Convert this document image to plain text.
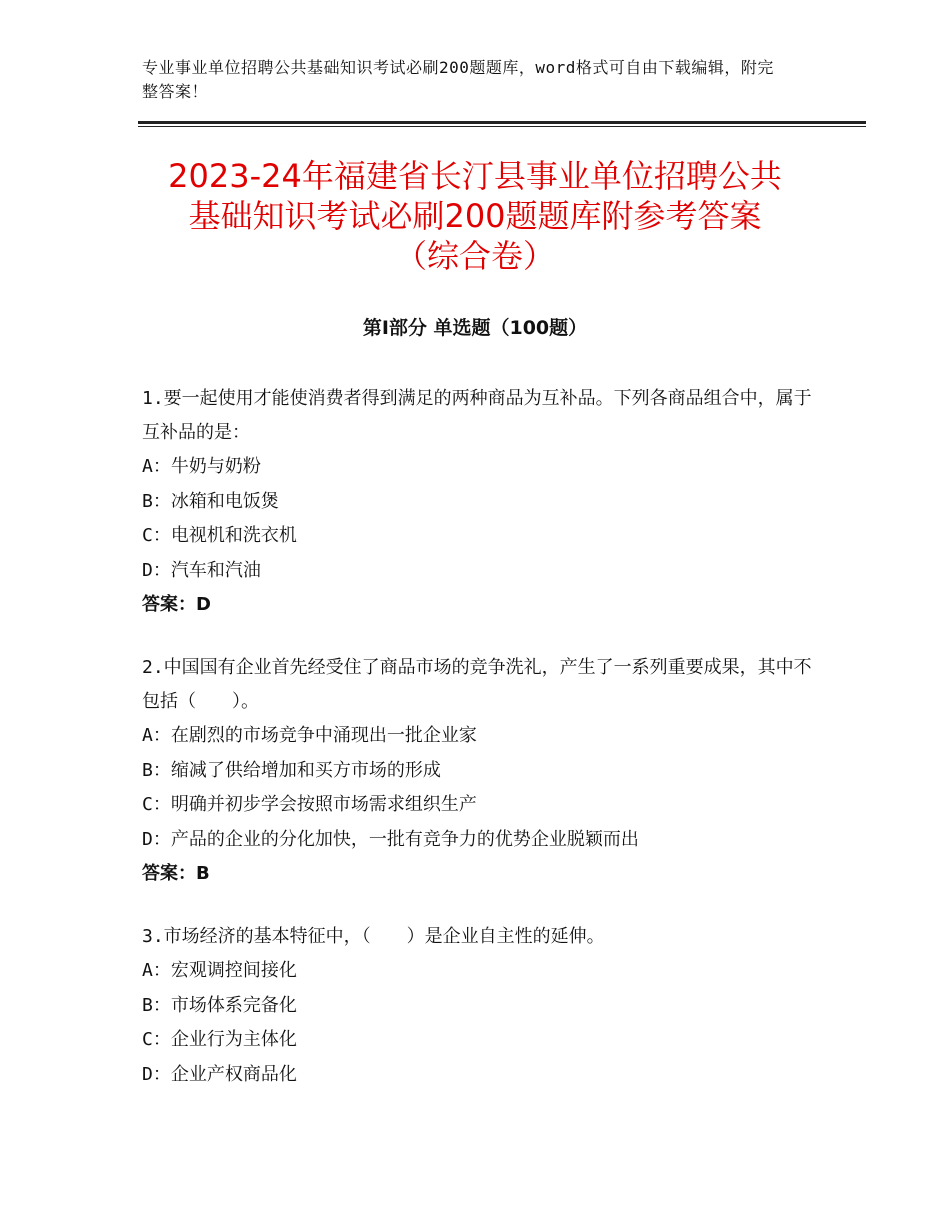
专业事业单位招聘公共基础知识考试必刷200题题库，word格式可自由下载编辑，附完整答案！
2023-24年福建省长汀县事业单位招聘公共
基础知识考试必刷200题题库附参考答案
（综合卷）
第Ⅰ部分 单选题（100题）
1.要一起使用才能使消费者得到满足的两种商品为互补品。下列各商品组合中，属于互补品的是：
A：牛奶与奶粉
B：冰箱和电饭煲
C：电视机和洗衣机
D：汽车和汽油
答案：D
2.中国国有企业首先经受住了商品市场的竞争洗礼，产生了一系列重要成果，其中不包括（　　）。
A：在剧烈的市场竞争中涌现出一批企业家
B：缩减了供给增加和买方市场的形成
C：明确并初步学会按照市场需求组织生产
D：产品的企业的分化加快，一批有竞争力的优势企业脱颖而出
答案：B
3.市场经济的基本特征中，（　　）是企业自主性的延伸。
A：宏观调控间接化
B：市场体系完备化
C：企业行为主体化
D：企业产权商品化
